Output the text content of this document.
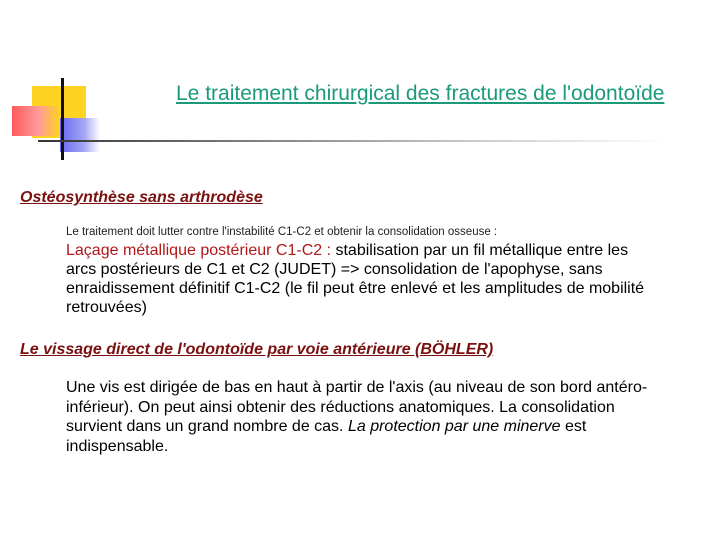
Le traitement chirurgical des fractures de l'odontoïde
Ostéosynthèse sans arthrodèse

Le traitement doit lutter contre l'instabilité C1-C2 et obtenir la consolidation osseuse :

Laçage métallique postérieur C1-C2 : stabilisation par un fil métallique entre les arcs postérieurs de C1 et C2 (JUDET) => consolidation de l'apophyse, sans enraidissement définitif C1-C2 (le fil peut être enlevé et les amplitudes de mobilité retrouvées)

Le vissage direct de l'odontoïde par voie antérieure (BÖHLER)

Une vis est dirigée de bas en haut à partir de l'axis (au niveau de son bord antéro-inférieur). On peut ainsi obtenir des réductions anatomiques. La consolidation survient dans un grand nombre de cas. La protection par une minerve est indispensable.
